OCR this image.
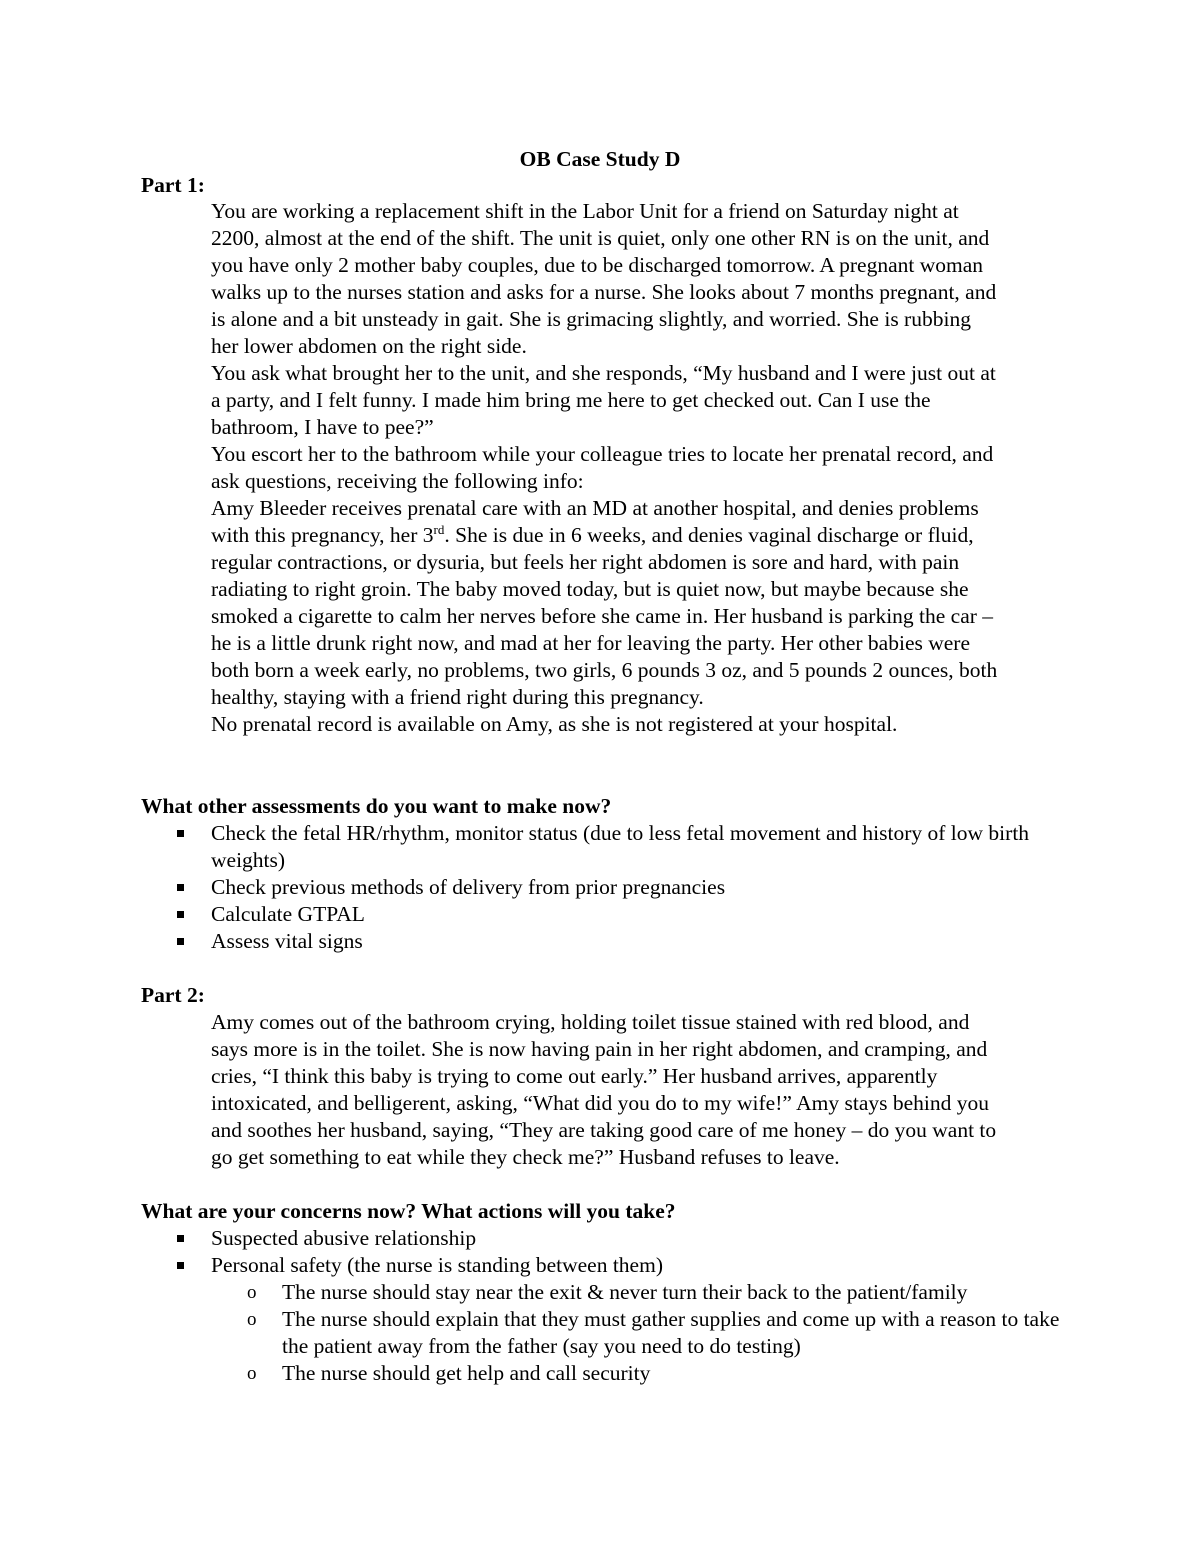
OB Case Study D
Part 1:

You are working a replacement shift in the Labor Unit for a friend on Saturday night at 2200, almost at the end of the shift. The unit is quiet, only one other RN is on the unit, and you have only 2 mother baby couples, due to be discharged tomorrow. A pregnant woman walks up to the nurses station and asks for a nurse. She looks about 7 months pregnant, and is alone and a bit unsteady in gait. She is grimacing slightly, and worried. She is rubbing her lower abdomen on the right side.

You ask what brought her to the unit, and she responds, “My husband and I were just out at a party, and I felt funny. I made him bring me here to get checked out. Can I use the bathroom, I have to pee?”

You escort her to the bathroom while your colleague tries to locate her prenatal record, and ask questions, receiving the following info:

Amy Bleeder receives prenatal care with an MD at another hospital, and denies problems with this pregnancy, her 3rd. She is due in 6 weeks, and denies vaginal discharge or fluid, regular contractions, or dysuria, but feels her right abdomen is sore and hard, with pain radiating to right groin. The baby moved today, but is quiet now, but maybe because she smoked a cigarette to calm her nerves before she came in. Her husband is parking the car – he is a little drunk right now, and mad at her for leaving the party. Her other babies were both born a week early, no problems, two girls, 6 pounds 3 oz, and 5 pounds 2 ounces, both healthy, staying with a friend right during this pregnancy.

No prenatal record is available on Amy, as she is not registered at your hospital.

What other assessments do you want to make now?
Check the fetal HR/rhythm, monitor status (due to less fetal movement and history of low birth weights)
Check previous methods of delivery from prior pregnancies
Calculate GTPAL
Assess vital signs
Part 2:

Amy comes out of the bathroom crying, holding toilet tissue stained with red blood, and says more is in the toilet. She is now having pain in her right abdomen, and cramping, and cries, “I think this baby is trying to come out early.” Her husband arrives, apparently intoxicated, and belligerent, asking, “What did you do to my wife!” Amy stays behind you and soothes her husband, saying, “They are taking good care of me honey – do you want to go get something to eat while they check me?” Husband refuses to leave.

What are your concerns now? What actions will you take?
Suspected abusive relationship
Personal safety (the nurse is standing between them)
o The nurse should stay near the exit & never turn their back to the patient/family
o The nurse should explain that they must gather supplies and come up with a reason to take the patient away from the father (say you need to do testing)
o The nurse should get help and call security
